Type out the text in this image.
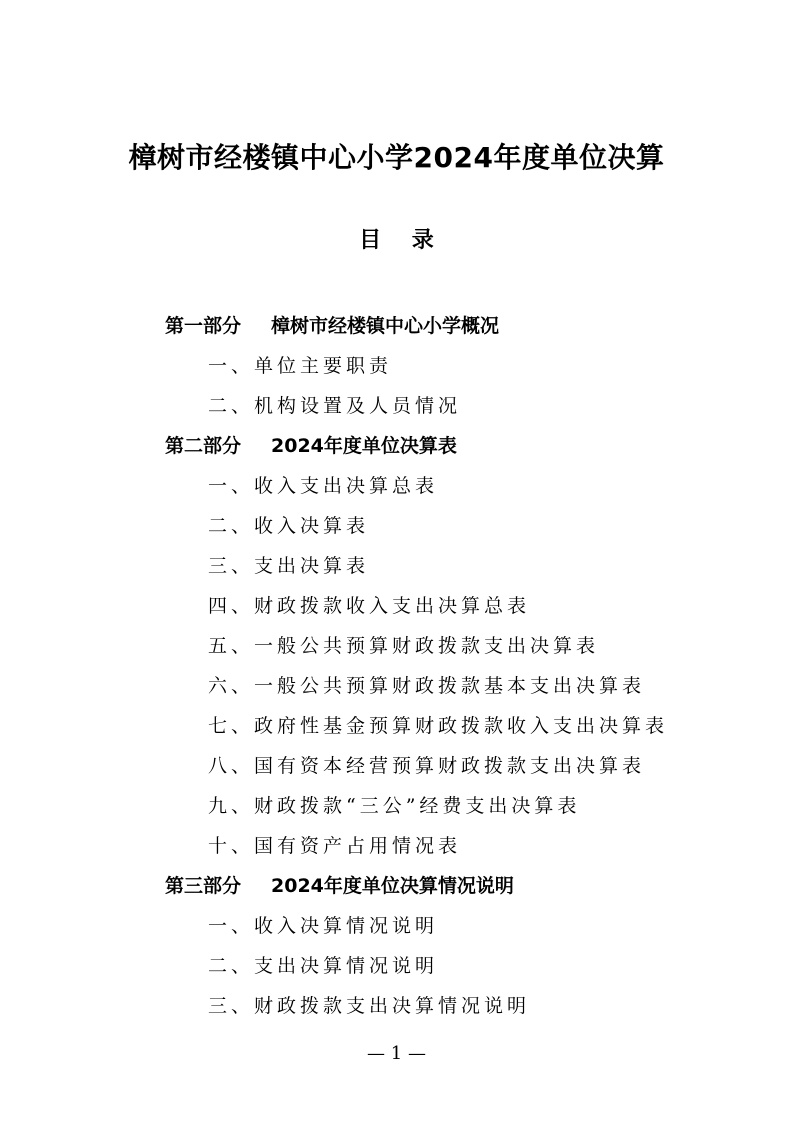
樟树市经楼镇中心小学2024年度单位决算
目    录
第一部分 樟树市经楼镇中心小学概况
一、单位主要职责
二、机构设置及人员情况
第二部分 2024年度单位决算表
一、收入支出决算总表
二、收入决算表
三、支出决算表
四、财政拨款收入支出决算总表
五、一般公共预算财政拨款支出决算表
六、一般公共预算财政拨款基本支出决算表
七、政府性基金预算财政拨款收入支出决算表
八、国有资本经营预算财政拨款支出决算表
九、财政拨款“三公”经费支出决算表
十、国有资产占用情况表
第三部分 2024年度单位决算情况说明
一、收入决算情况说明
二、支出决算情况说明
三、财政拨款支出决算情况说明
— 1 —
